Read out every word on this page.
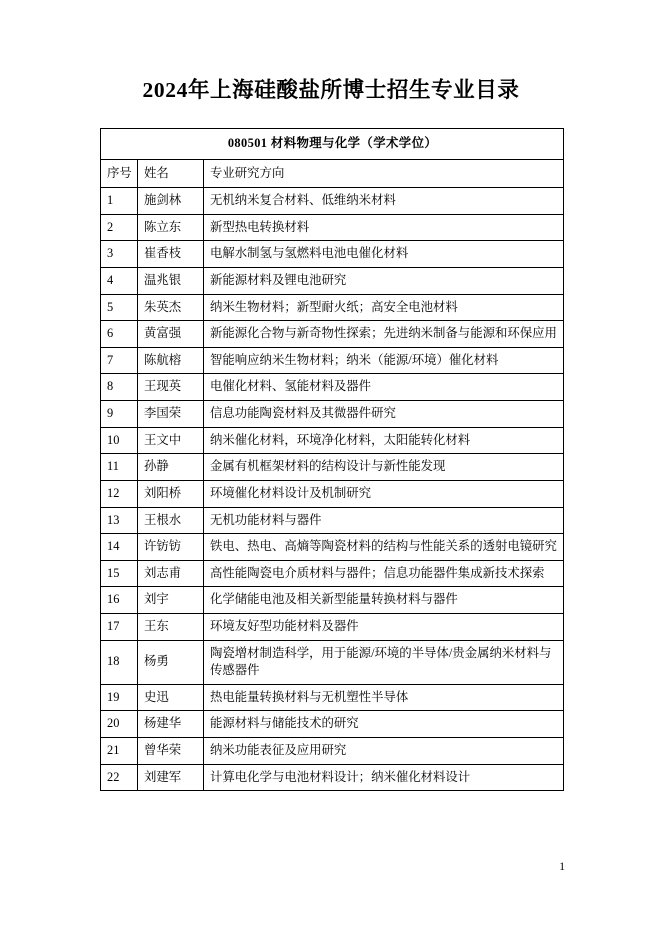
2024年上海硅酸盐所博士招生专业目录
080501 材料物理与化学（学术学位）		
序号	姓名	专业研究方向
1	施剑林	无机纳米复合材料、低维纳米材料
2	陈立东	新型热电转换材料
3	崔香枝	电解水制氢与氢燃料电池电催化材料
4	温兆银	新能源材料及锂电池研究
5	朱英杰	纳米生物材料；新型耐火纸；高安全电池材料
6	黄富强	新能源化合物与新奇物性探索；先进纳米制备与能源和环保应用
7	陈航榕	智能响应纳米生物材料；纳米（能源/环境）催化材料
8	王现英	电催化材料、氢能材料及器件
9	李国荣	信息功能陶瓷材料及其微器件研究
10	王文中	纳米催化材料，环境净化材料，太阳能转化材料
11	孙静	金属有机框架材料的结构设计与新性能发现
12	刘阳桥	环境催化材料设计及机制研究
13	王根水	无机功能材料与器件
14	许钫钫	铁电、热电、高熵等陶瓷材料的结构与性能关系的透射电镜研究
15	刘志甫	高性能陶瓷电介质材料与器件；信息功能器件集成新技术探索
16	刘宇	化学储能电池及相关新型能量转换材料与器件
17	王东	环境友好型功能材料及器件
18	杨勇	陶瓷增材制造科学，用于能源/环境的半导体/贵金属纳米材料与传感器件
19	史迅	热电能量转换材料与无机塑性半导体
20	杨建华	能源材料与储能技术的研究
21	曾华荣	纳米功能表征及应用研究
22	刘建军	计算电化学与电池材料设计；纳米催化材料设计
1
